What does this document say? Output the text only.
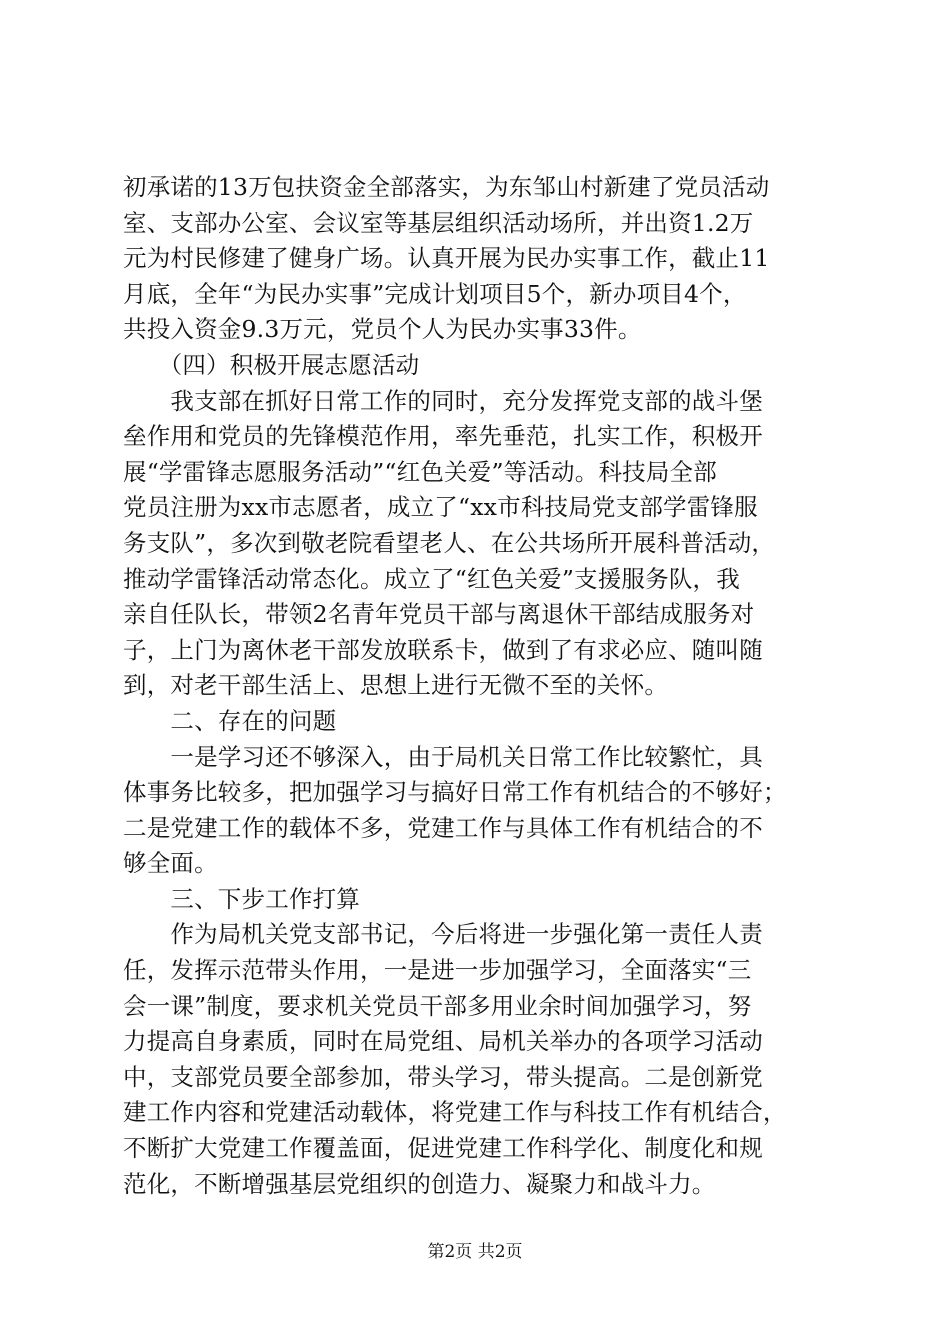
初承诺的13万包扶资金全部落实，为东邹山村新建了党员活动
室、支部办公室、会议室等基层组织活动场所，并出资1.2万
元为村民修建了健身广场。认真开展为民办实事工作，截止11
月底，全年“为民办实事”完成计划项目5个，新办项目4个，
共投入资金9.3万元，党员个人为民办实事33件。
　　（四）积极开展志愿活动
　　我支部在抓好日常工作的同时，充分发挥党支部的战斗堡
垒作用和党员的先锋模范作用，率先垂范，扎实工作，积极开
展“学雷锋志愿服务活动”“红色关爱”等活动。科技局全部
党员注册为xx市志愿者，成立了“xx市科技局党支部学雷锋服
务支队”，多次到敬老院看望老人、在公共场所开展科普活动，
推动学雷锋活动常态化。成立了“红色关爱”支援服务队，我
亲自任队长，带领2名青年党员干部与离退休干部结成服务对
子，上门为离休老干部发放联系卡，做到了有求必应、随叫随
到，对老干部生活上、思想上进行无微不至的关怀。
　　二、存在的问题
　　一是学习还不够深入，由于局机关日常工作比较繁忙，具
体事务比较多，把加强学习与搞好日常工作有机结合的不够好；
二是党建工作的载体不多，党建工作与具体工作有机结合的不
够全面。
　　三、下步工作打算
　　作为局机关党支部书记，今后将进一步强化第一责任人责
任，发挥示范带头作用，一是进一步加强学习，全面落实“三
会一课”制度，要求机关党员干部多用业余时间加强学习，努
力提高自身素质，同时在局党组、局机关举办的各项学习活动
中，支部党员要全部参加，带头学习，带头提高。二是创新党
建工作内容和党建活动载体，将党建工作与科技工作有机结合，
不断扩大党建工作覆盖面，促进党建工作科学化、制度化和规
范化，不断增强基层党组织的创造力、凝聚力和战斗力。
第2页 共2页
